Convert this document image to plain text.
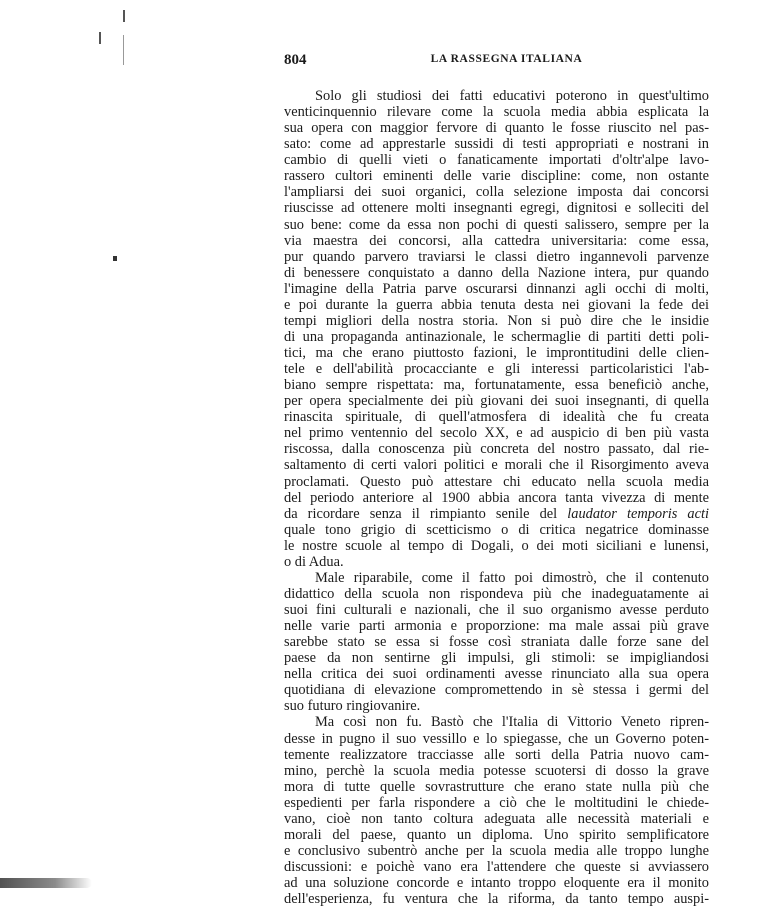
804	LA RASSEGNA ITALIANA
Solo gli studiosi dei fatti educativi poterono in quest'ultimo
venticinquennio rilevare come la scuola media abbia esplicata la
sua opera con maggior fervore di quanto le fosse riuscito nel pas-
sato: come ad apprestarle sussidi di testi appropriati e nostrani in
cambio di quelli vieti o fanaticamente importati d'oltr'alpe lavo-
rassero cultori eminenti delle varie discipline: come, non ostante
l'ampliarsi dei suoi organici, colla selezione imposta dai concorsi
riuscisse ad ottenere molti insegnanti egregi, dignitosi e solleciti del
suo bene: come da essa non pochi di questi salissero, sempre per la
via maestra dei concorsi, alla cattedra universitaria: come essa,
pur quando parvero traviarsi le classi dietro ingannevoli parvenze
di benessere conquistato a danno della Nazione intera, pur quando
l'imagine della Patria parve oscurarsi dinnanzi agli occhi di molti,
e poi durante la guerra abbia tenuta desta nei giovani la fede dei
tempi migliori della nostra storia. Non si può dire che le insidie
di una propaganda antinazionale, le schermaglie di partiti detti poli-
tici, ma che erano piuttosto fazioni, le improntitudini delle clien-
tele e dell'abilità procacciante e gli interessi particolaristici l'ab-
biano sempre rispettata: ma, fortunatamente, essa beneficiò anche,
per opera specialmente dei più giovani dei suoi insegnanti, di quella
rinascita spirituale, di quell'atmosfera di idealità che fu creata
nel primo ventennio del secolo XX, e ad auspicio di ben più vasta
riscossa, dalla conoscenza più concreta del nostro passato, dal rie-
saltamento di certi valori politici e morali che il Risorgimento aveva
proclamati. Questo può attestare chi educato nella scuola media
del periodo anteriore al 1900 abbia ancora tanta vivezza di mente
da ricordare senza il rimpianto senile del laudator temporis acti
quale tono grigio di scetticismo o di critica negatrice dominasse
le nostre scuole al tempo di Dogali, o dei moti siciliani e lunensi,
o di Adua.
Male riparabile, come il fatto poi dimostrò, che il contenuto
didattico della scuola non rispondeva più che inadeguatamente ai
suoi fini culturali e nazionali, che il suo organismo avesse perduto
nelle varie parti armonia e proporzione: ma male assai più grave
sarebbe stato se essa si fosse così straniata dalle forze sane del
paese da non sentirne gli impulsi, gli stimoli: se impigliandosi
nella critica dei suoi ordinamenti avesse rinunciato alla sua opera
quotidiana di elevazione compromettendo in sè stessa i germi del
suo futuro ringiovanire.
Ma così non fu. Bastò che l'Italia di Vittorio Veneto ripren-
desse in pugno il suo vessillo e lo spiegasse, che un Governo poten-
temente realizzatore tracciasse alle sorti della Patria nuovo cam-
mino, perchè la scuola media potesse scuotersi di dosso la grave
mora di tutte quelle sovrastrutture che erano state nulla più che
espedienti per farla rispondere a ciò che le moltitudini le chiede-
vano, cioè non tanto coltura adeguata alle necessità materiali e
morali del paese, quanto un diploma. Uno spirito semplificatore
e conclusivo subentrò anche per la scuola media alle troppo lunghe
discussioni: e poichè vano era l'attendere che queste si avviassero
ad una soluzione concorde e intanto troppo eloquente era il monito
dell'esperienza, fu ventura che la riforma, da tanto tempo auspi-
